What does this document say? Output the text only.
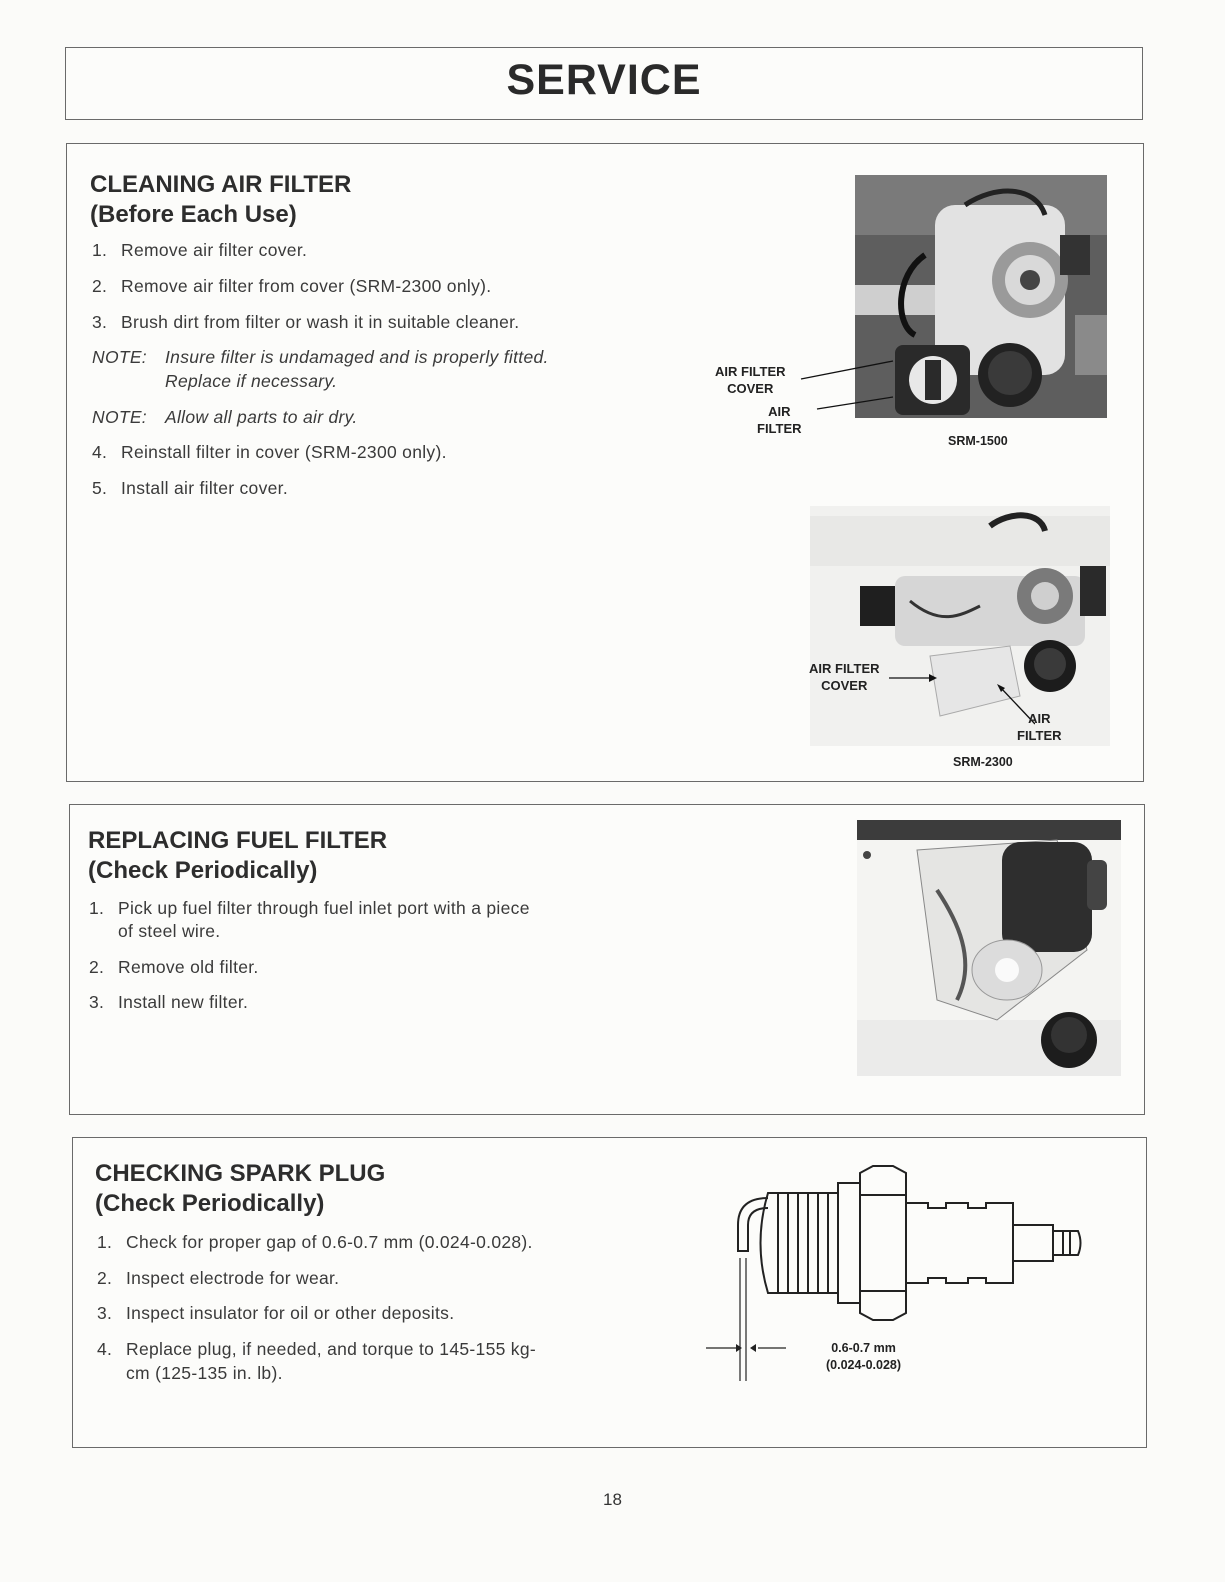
SERVICE
CLEANING AIR FILTER
(Before Each Use)
1. Remove air filter cover.
2. Remove air filter from cover (SRM-2300 only).
3. Brush dirt from filter or wash it in suitable cleaner.
NOTE: Insure filter is undamaged and is properly fitted.
Replace if necessary.
NOTE: Allow all parts to air dry.
4. Reinstall filter in cover (SRM-2300 only).
5. Install air filter cover.
AIR FILTER
COVER
AIR
FILTER
SRM-1500
AIR FILTER
COVER
AIR
FILTER
SRM-2300
REPLACING FUEL FILTER
(Check Periodically)
1. Pick up fuel filter through fuel inlet port with a piece
of steel wire.
2. Remove old filter.
3. Install new filter.
CHECKING SPARK PLUG
(Check Periodically)
1. Check for proper gap of 0.6-0.7 mm (0.024-0.028).
2. Inspect electrode for wear.
3. Inspect insulator for oil or other deposits.
4. Replace plug, if needed, and torque to 145-155 kg-
cm (125-135 in. lb).
0.6-0.7 mm
(0.024-0.028)
18
